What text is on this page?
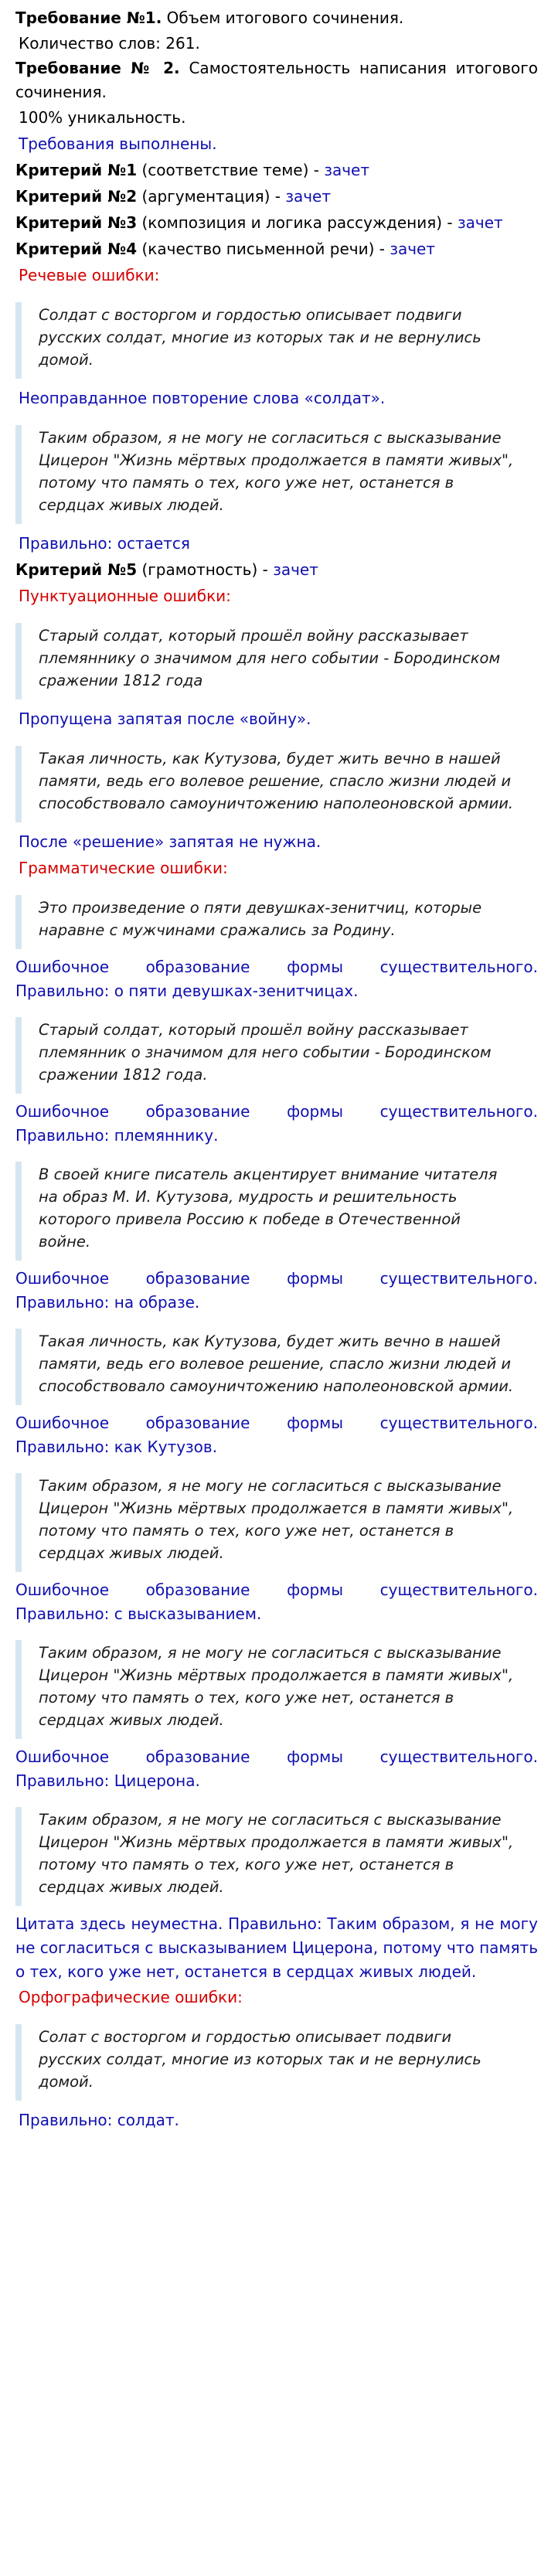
Требование №1. Объем итогового сочинения.
Количество слов: 261.
Требование № 2. Самостоятельность написания итогового сочинения.
100% уникальность.
Требования выполнены.
Критерий №1 (соответствие теме) - зачет
Критерий №2 (аргументация) - зачет
Критерий №3 (композиция и логика рассуждения) - зачет
Критерий №4 (качество письменной речи) - зачет
Речевые ошибки:
Солдат с восторгом и гордостью описывает подвиги русских солдат, многие из которых так и не вернулись домой.
Неоправданное повторение слова «солдат».
Таким образом, я не могу не согласиться с высказывание Цицерон "Жизнь мёртвых продолжается в памяти живых", потому что память о тех, кого уже нет, останется в сердцах живых людей.
Правильно: остается
Критерий №5 (грамотность) - зачет
Пунктуационные ошибки:
Старый солдат, который прошёл войну рассказывает племяннику о значимом для него событии - Бородинском сражении 1812 года
Пропущена запятая после «войну».
Такая личность, как Кутузова, будет жить вечно в нашей памяти, ведь его волевое решение, спасло жизни людей и способствовало самоуничтожению наполеоновской армии.
После «решение» запятая не нужна.
Грамматические ошибки:
Это произведение о пяти девушках-зенитчиц, которые наравне с мужчинами сражались за Родину.
Ошибочное образование формы существительного. Правильно: о пяти девушках-зенитчицах.
Старый солдат, который прошёл войну рассказывает племянник о значимом для него событии - Бородинском сражении 1812 года.
Ошибочное образование формы существительного. Правильно: племяннику.
В своей книге писатель акцентирует внимание читателя на образ М. И. Кутузова, мудрость и решительность которого привела Россию к победе в Отечественной войне.
Ошибочное образование формы существительного. Правильно: на образе.
Такая личность, как Кутузова, будет жить вечно в нашей памяти, ведь его волевое решение, спасло жизни людей и способствовало самоуничтожению наполеоновской армии.
Ошибочное образование формы существительного. Правильно: как Кутузов.
Таким образом, я не могу не согласиться с высказывание Цицерон "Жизнь мёртвых продолжается в памяти живых", потому что память о тех, кого уже нет, останется в сердцах живых людей.
Ошибочное образование формы существительного. Правильно: с высказыванием.
Таким образом, я не могу не согласиться с высказывание Цицерон "Жизнь мёртвых продолжается в памяти живых", потому что память о тех, кого уже нет, останется в сердцах живых людей.
Ошибочное образование формы существительного. Правильно: Цицерона.
Таким образом, я не могу не согласиться с высказывание Цицерон "Жизнь мёртвых продолжается в памяти живых", потому что память о тех, кого уже нет, останется в сердцах живых людей.
Цитата здесь неуместна. Правильно: Таким образом, я не могу не согласиться с высказыванием Цицерона, потому что память о тех, кого уже нет, останется в сердцах живых людей.
Орфографические ошибки:
Солат с восторгом и гордостью описывает подвиги русских солдат, многие из которых так и не вернулись домой.
Правильно: солдат.
